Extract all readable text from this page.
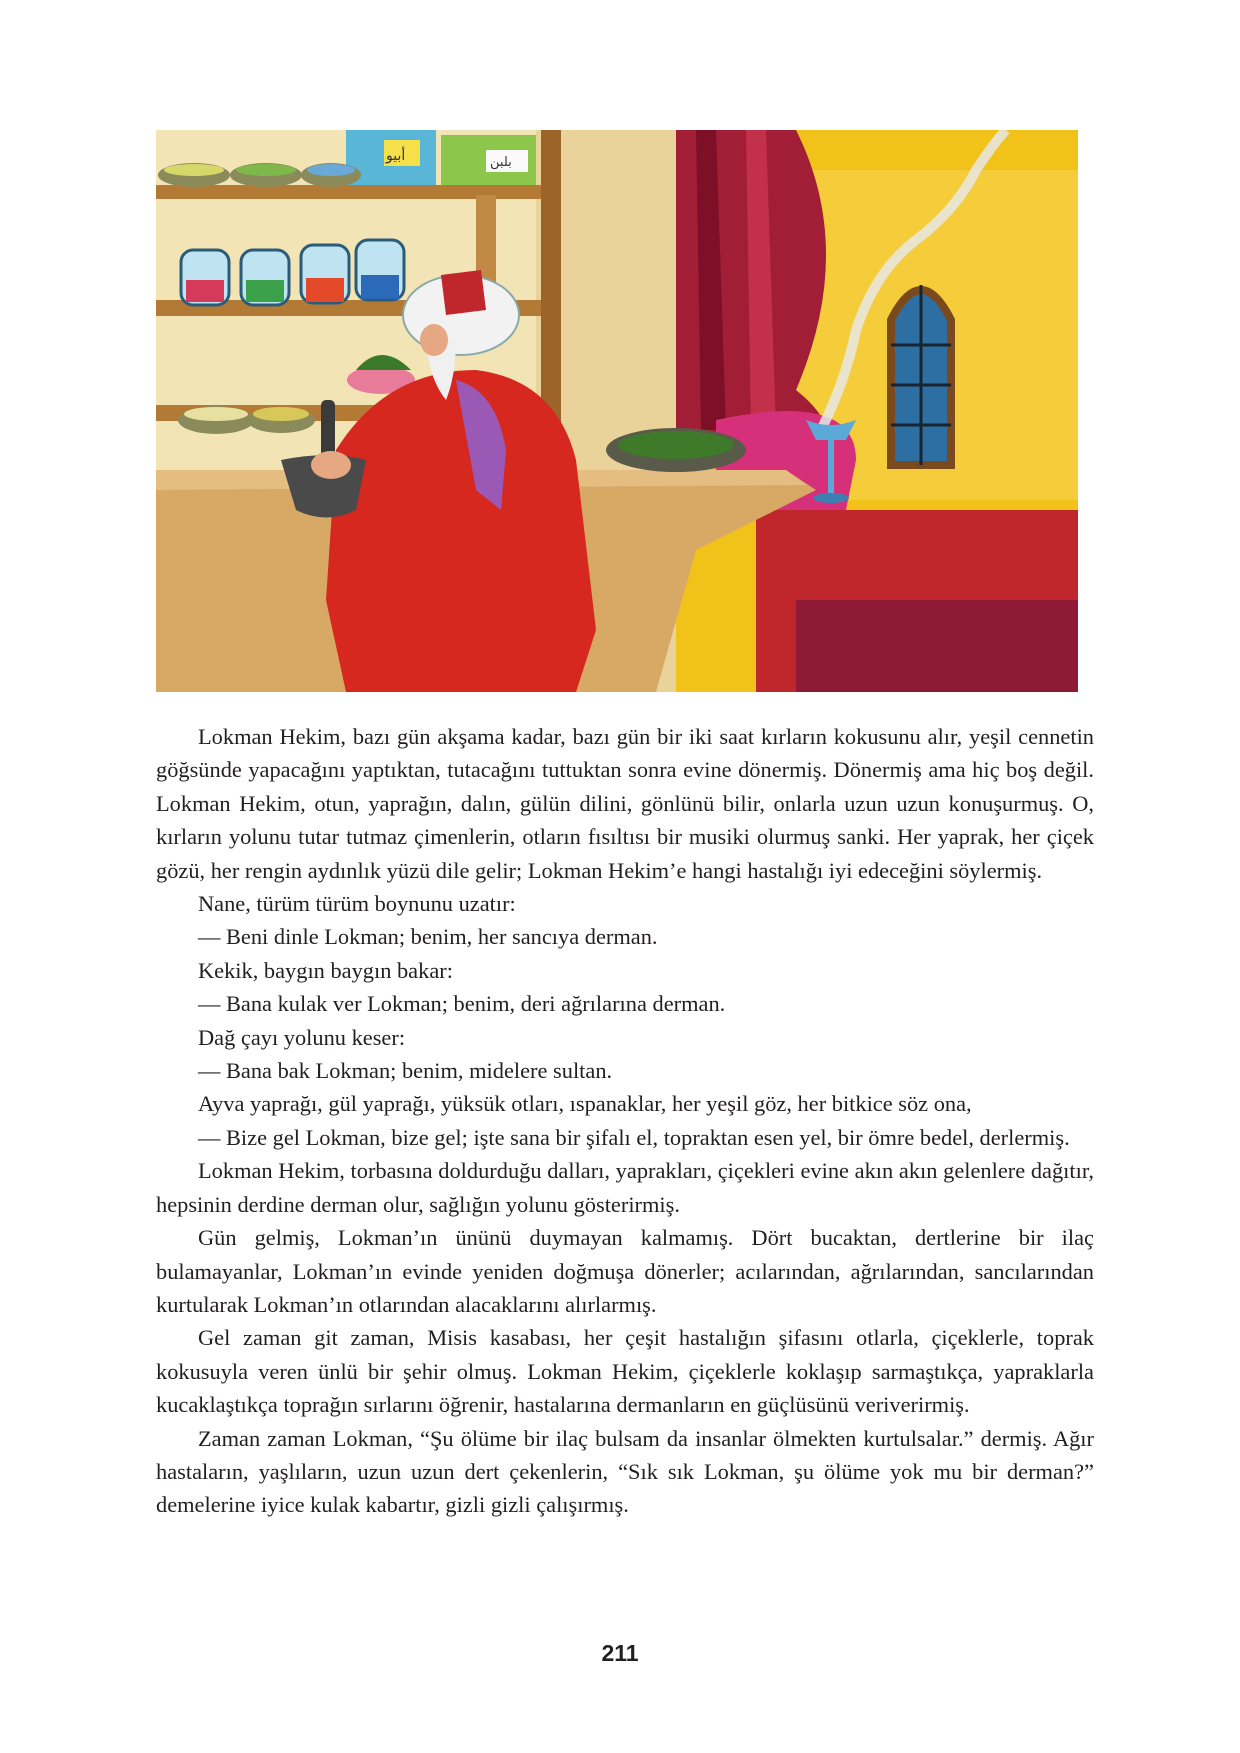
أبيو	بلبن

Lokman Hekim, bazı gün akşama kadar, bazı gün bir iki saat kırların kokusunu alır, yeşil cennetin göğsünde yapacağını yaptıktan, tutacağını tuttuktan sonra evine dönermiş. Dönermiş ama hiç boş değil. Lokman Hekim, otun, yaprağın, dalın, gülün dilini, gönlünü bilir, onlarla uzun uzun konuşurmuş. O, kırların yolunu tutar tutmaz çimenlerin, otların fısıltısı bir musiki olurmuş sanki. Her yaprak, her çiçek gözü, her rengin aydınlık yüzü dile gelir; Lokman Hekim’e hangi hastalığı iyi edeceğini söylermiş.

Nane, türüm türüm boynunu uzatır:

— Beni dinle Lokman; benim, her sancıya derman.

Kekik, baygın baygın bakar:

— Bana kulak ver Lokman; benim, deri ağrılarına derman.

Dağ çayı yolunu keser:

— Bana bak Lokman; benim, midelere sultan.

Ayva yaprağı, gül yaprağı, yüksük otları, ıspanaklar, her yeşil göz, her bitkice söz ona,

— Bize gel Lokman, bize gel; işte sana bir şifalı el, topraktan esen yel, bir ömre bedel, derlermiş.

Lokman Hekim, torbasına doldurduğu dalları, yaprakları, çiçekleri evine akın akın gelenlere dağıtır, hepsinin derdine derman olur, sağlığın yolunu gösterirmiş.

Gün gelmiş, Lokman’ın ününü duymayan kalmamış. Dört bucaktan, dertlerine bir ilaç bulamayanlar, Lokman’ın evinde yeniden doğmuşa dönerler; acılarından, ağrılarından, sancılarından kurtularak Lokman’ın otlarından alacaklarını alırlarmış.

Gel zaman git zaman, Misis kasabası, her çeşit hastalığın şifasını otlarla, çiçeklerle, toprak kokusuyla veren ünlü bir şehir olmuş. Lokman Hekim, çiçeklerle koklaşıp sarmaştıkça, yapraklarla kucaklaştıkça toprağın sırlarını öğrenir, hastalarına dermanların en güçlüsünü veriverirmiş.

Zaman zaman Lokman, “Şu ölüme bir ilaç bulsam da insanlar ölmekten kurtulsalar.” dermiş. Ağır hastaların, yaşlıların, uzun uzun dert çekenlerin, “Sık sık Lokman, şu ölüme yok mu bir derman?” demelerine iyice kulak kabartır, gizli gizli çalışırmış.

211
